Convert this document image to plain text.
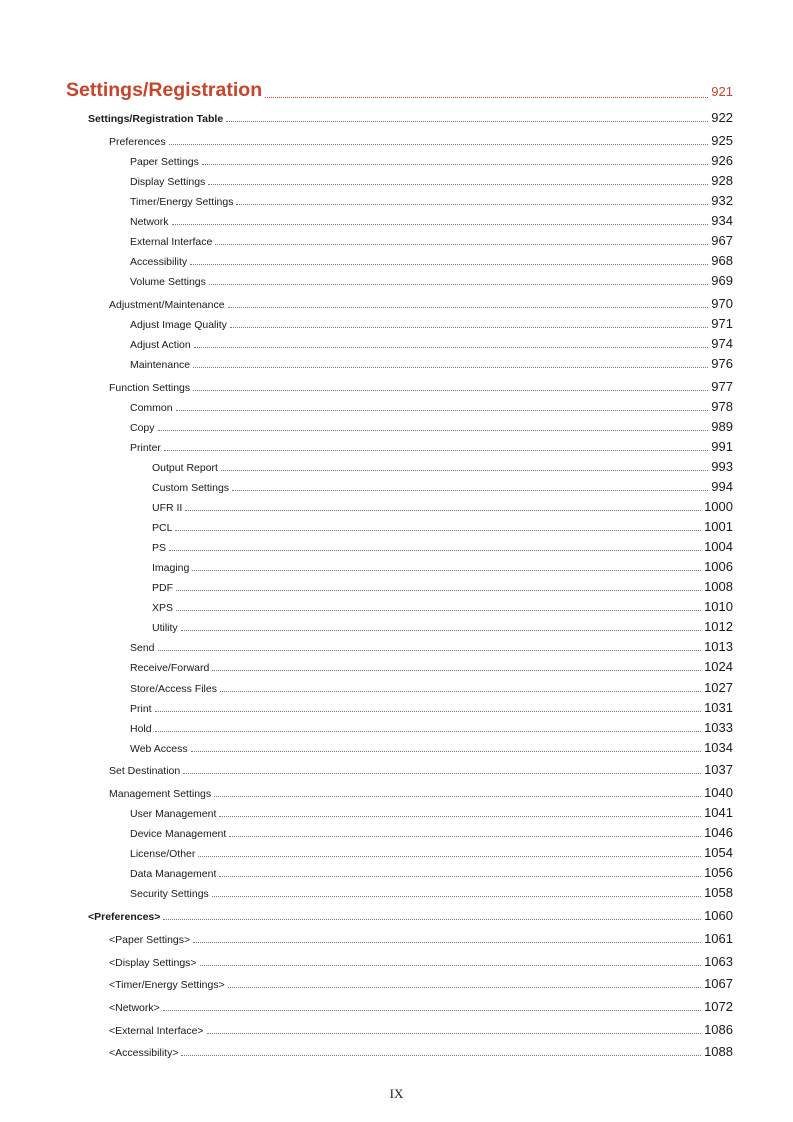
Settings/Registration	921
Settings/Registration Table	922
Preferences	925
Paper Settings	926
Display Settings	928
Timer/Energy Settings	932
Network	934
External Interface	967
Accessibility	968
Volume Settings	969
Adjustment/Maintenance	970
Adjust Image Quality	971
Adjust Action	974
Maintenance	976
Function Settings	977
Common	978
Copy	989
Printer	991
Output Report	993
Custom Settings	994
UFR II	1000
PCL	1001
PS	1004
Imaging	1006
PDF	1008
XPS	1010
Utility	1012
Send	1013
Receive/Forward	1024
Store/Access Files	1027
Print	1031
Hold	1033
Web Access	1034
Set Destination	1037
Management Settings	1040
User Management	1041
Device Management	1046
License/Other	1054
Data Management	1056
Security Settings	1058
<Preferences>	1060
<Paper Settings>	1061
<Display Settings>	1063
<Timer/Energy Settings>	1067
<Network>	1072
<External Interface>	1086
<Accessibility>	1088
IX
